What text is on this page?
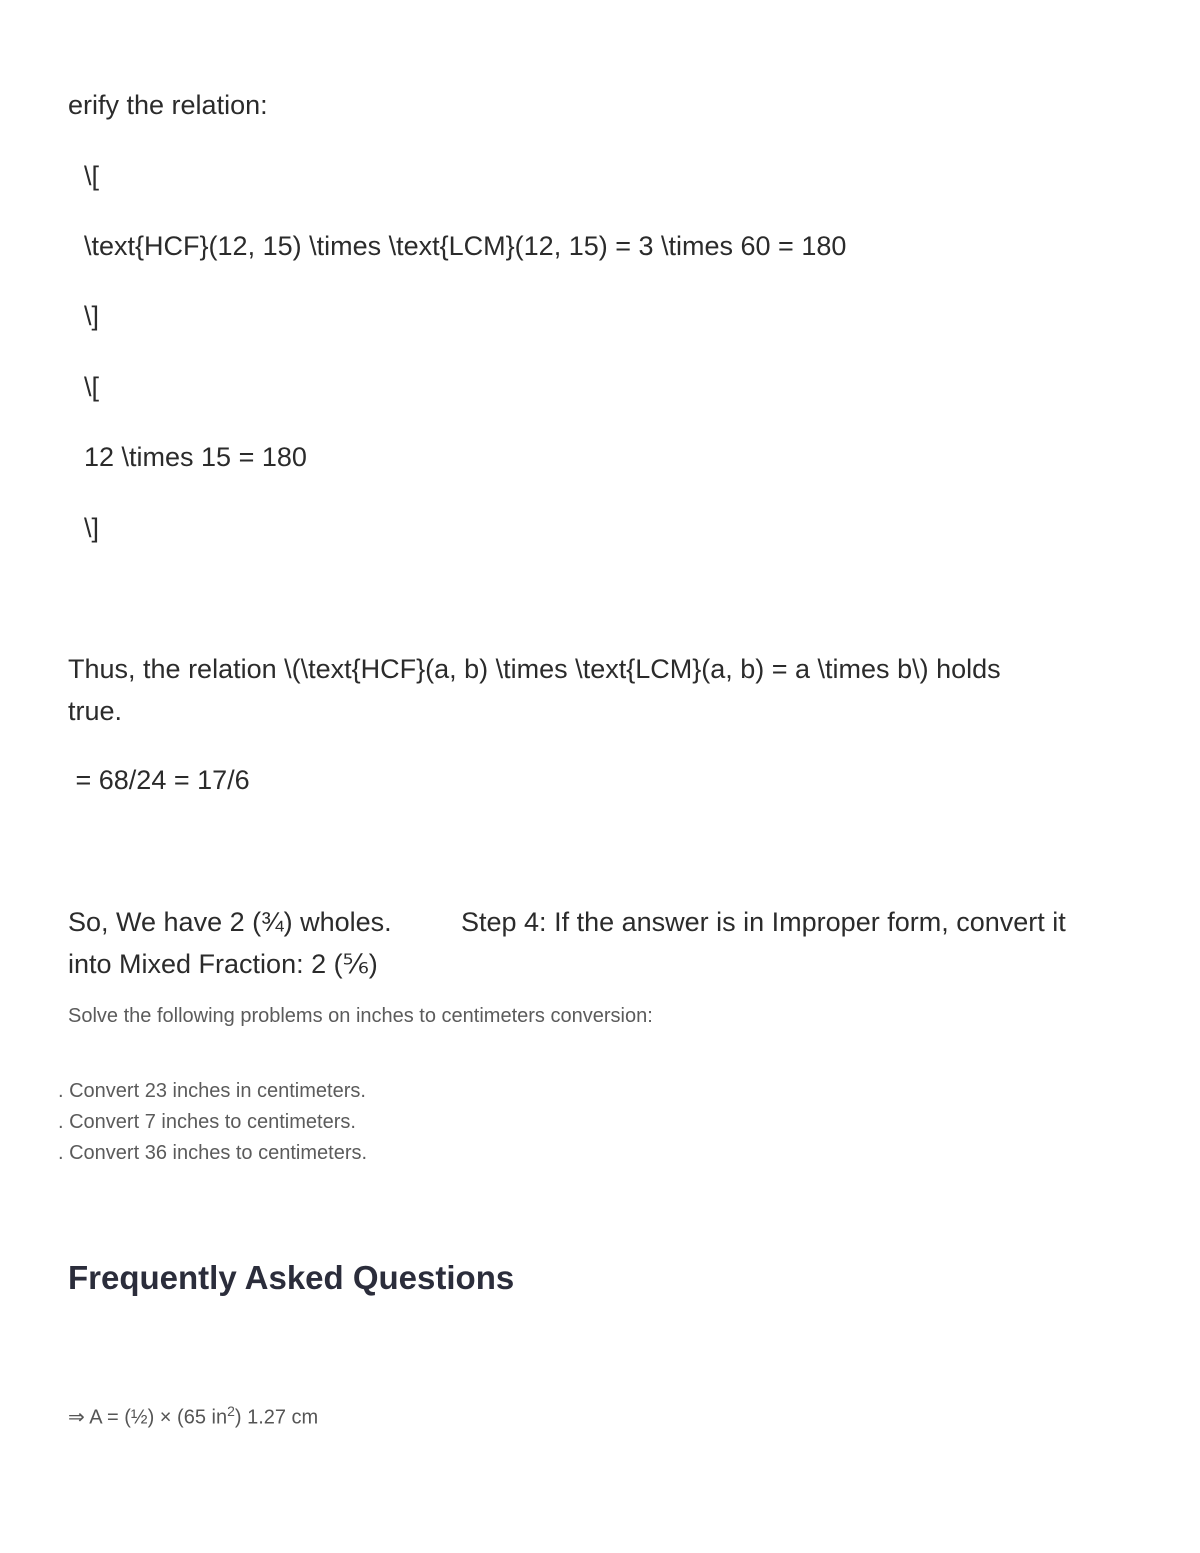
erify the relation:

\[

\text{HCF}(12, 15) \times \text{LCM}(12, 15) = 3 \times 60 = 180

\]

\[

12 \times 15 = 180

\]

Thus, the relation \(\text{HCF}(a, b) \times \text{LCM}(a, b) = a \times b\) holds

true.

= 68/24 = 17/6

So, We have 2 (¾) wholes.	Step 4: If the answer is in Improper form, convert it

into Mixed Fraction: 2 (⅚)

Solve the following problems on inches to centimeters conversion:

. Convert 23 inches in centimeters.

. Convert 7 inches to centimeters.

. Convert 36 inches to centimeters.

Frequently Asked Questions

⇒ A = (½) × (65 $in^2$) 1.27 cm
